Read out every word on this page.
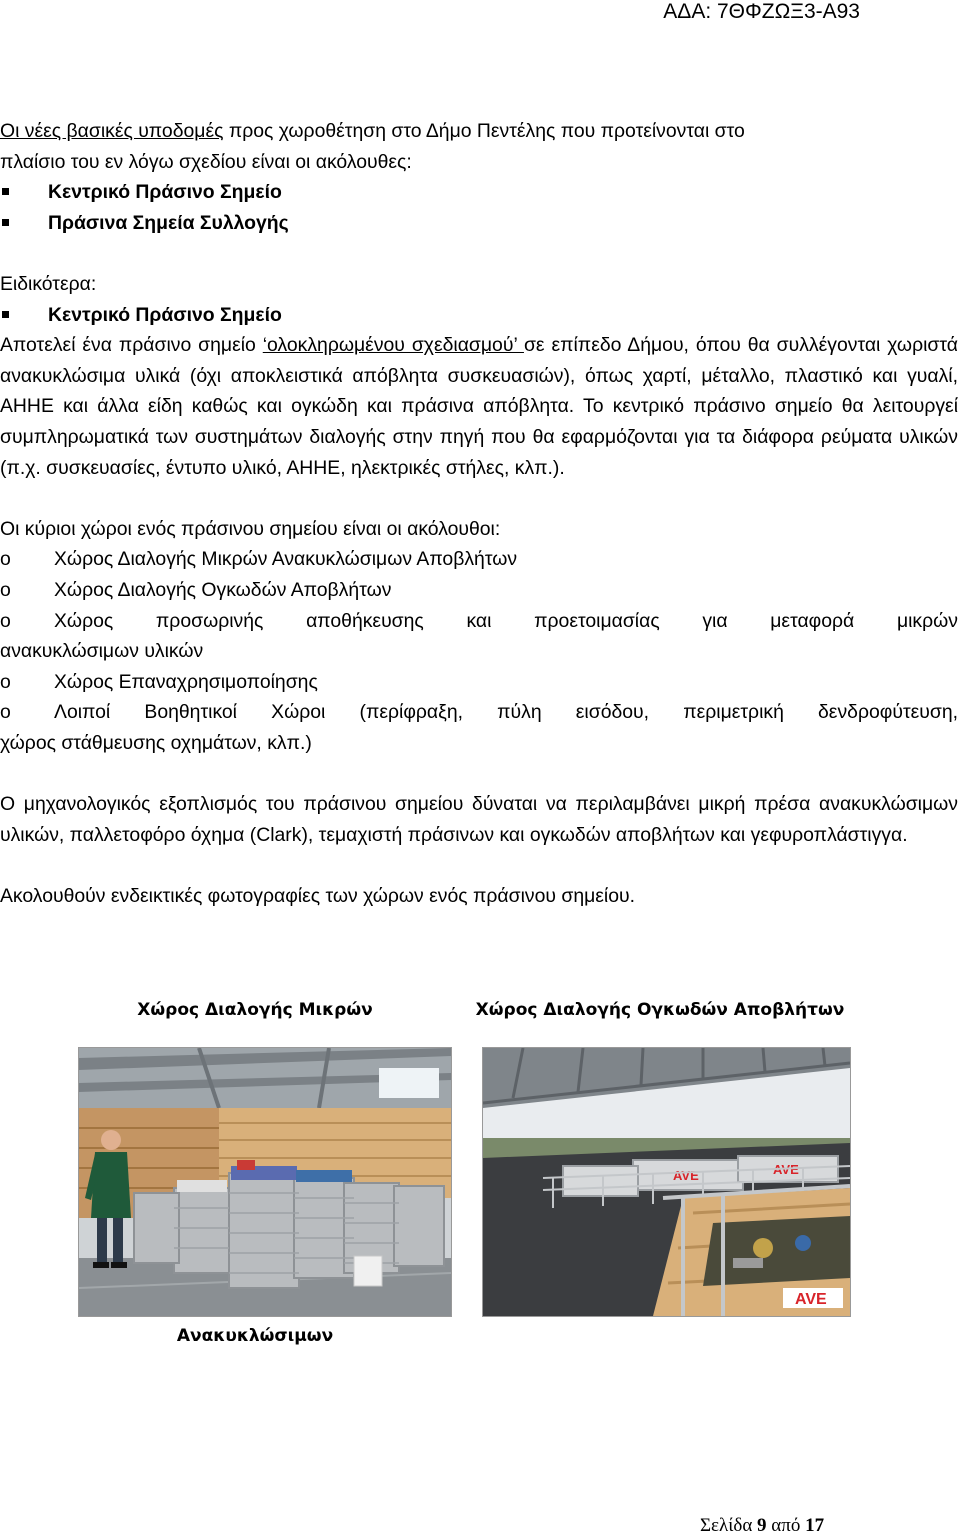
ΑΔΑ: 7ΘΦΖΩΞ3-Α93

Οι νέες βασικές υποδομές προς χωροθέτηση στο Δήμο Πεντέλης που προτείνονται στο
πλαίσιο του εν λόγω σχεδίου είναι οι ακόλουθες:

Κεντρικό Πράσινο Σημείο
Πράσινα Σημεία Συλλογής

Ειδικότερα:

Κεντρικό Πράσινο Σημείο

Αποτελεί ένα πράσινο σημείο ‘ολοκληρωμένου σχεδιασμού’ σε επίπεδο Δήμου, όπου θα συλλέγονται χωριστά ανακυκλώσιμα υλικά (όχι αποκλειστικά απόβλητα συσκευασιών), όπως χαρτί, μέταλλο, πλαστικό και γυαλί, ΑΗΗΕ και άλλα είδη καθώς και ογκώδη και πράσινα απόβλητα. Το κεντρικό πράσινο σημείο θα λειτουργεί συμπληρωματικά των συστημάτων διαλογής στην πηγή που θα εφαρμόζονται για τα διάφορα ρεύματα υλικών (π.χ. συσκευασίες, έντυπο υλικό, ΑΗΗΕ, ηλεκτρικές στήλες, κλπ.).

Οι κύριοι χώροι ενός πράσινου σημείου είναι οι ακόλουθοι:

o	Χώρος Διαλογής Μικρών Ανακυκλώσιμων Αποβλήτων
o	Χώρος Διαλογής Ογκωδών Αποβλήτων
o	Χώρος προσωρινής αποθήκευσης και προετοιμασίας για μεταφορά μικρών

ανακυκλώσιμων υλικών

o	Χώρος Επαναχρησιμοποίησης
o	Λοιποί Βοηθητικοί Χώροι (περίφραξη, πύλη εισόδου, περιμετρική δενδροφύτευση,

χώρος στάθμευσης οχημάτων, κλπ.)

Ο μηχανολογικός εξοπλισμός του πράσινου σημείου δύναται να περιλαμβάνει μικρή πρέσα ανακυκλώσιμων υλικών, παλλετοφόρο όχημα (Clark), τεμαχιστή πράσινων και ογκωδών αποβλήτων και γεφυροπλάστιγγα.

Ακολουθούν ενδεικτικές φωτογραφίες των χώρων ενός πράσινου σημείου.

Χώρος Διαλογής Μικρών	Χώρος Διαλογής Ογκωδών Αποβλήτων
AVE	AVE
AVE
Ανακυκλώσιμων
Σελίδα 9 από 17
